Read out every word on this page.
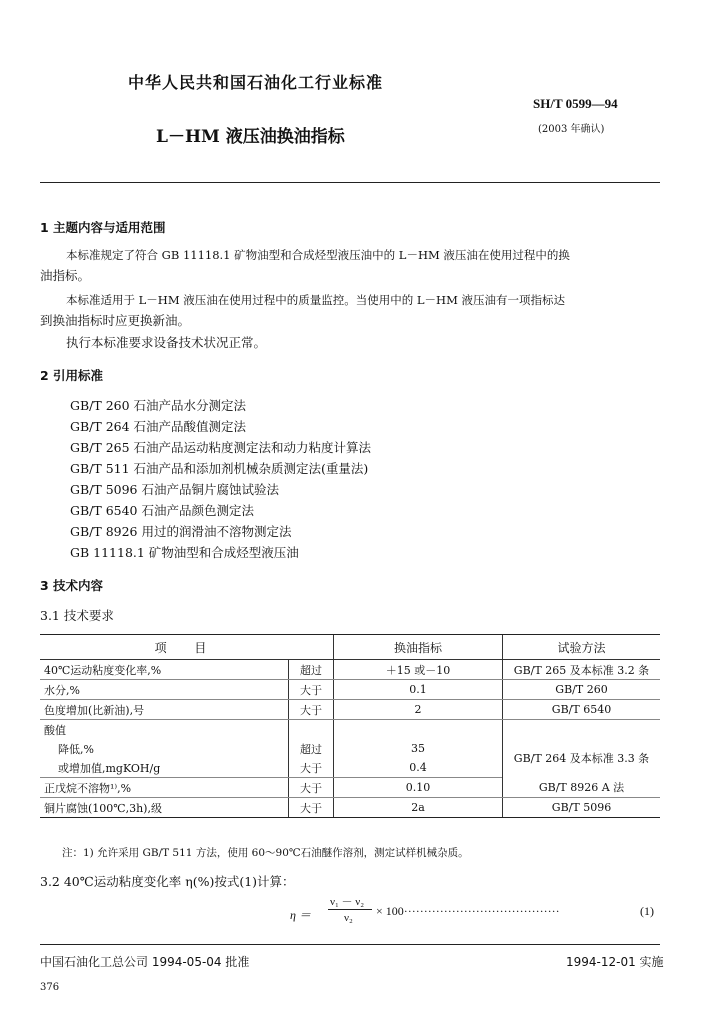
中华人民共和国石油化工行业标准
SH/T 0599—94
(2003 年确认)
L－HM 液压油换油指标
1 主题内容与适用范围
本标准规定了符合 GB 11118.1 矿物油型和合成烃型液压油中的 L－HM 液压油在使用过程中的换
油指标。
本标准适用于 L－HM 液压油在使用过程中的质量监控。当使用中的 L－HM 液压油有一项指标达
到换油指标时应更换新油。
执行本标准要求设备技术状况正常。
2 引用标准
GB/T 260 石油产品水分测定法
GB/T 264 石油产品酸值测定法
GB/T 265 石油产品运动粘度测定法和动力粘度计算法
GB/T 511 石油产品和添加剂机械杂质测定法(重量法)
GB/T 5096 石油产品铜片腐蚀试验法
GB/T 6540 石油产品颜色测定法
GB/T 8926 用过的润滑油不溶物测定法
GB 11118.1 矿物油型和合成烃型液压油
3 技术内容
3.1 技术要求
项 目		换油指标	试验方法
40℃运动粘度变化率,%	超过	＋15 或－10	GB/T 265 及本标准 3.2 条
水分,%	大于	0.1	GB/T 260
色度增加(比新油),号	大于	2	GB/T 6540
酸值			
降低,%	超过	35	GB/T 264 及本标准 3.3 条
或增加值,mgKOH/g	大于	0.4	
正戊烷不溶物¹⁾,%	大于	0.10	GB/T 8926 A 法
铜片腐蚀(100℃,3h),级	大于	2a	GB/T 5096
注：1) 允许采用 GB/T 511 方法，使用 60～90℃石油醚作溶剂，测定试样机械杂质。
3.2 40℃运动粘度变化率 η(%)按式(1)计算：
η ＝
ν₁ － ν₂
ν₂ × 100·······································	(1)
中国石油化工总公司 1994-05-04 批准	1994-12-01 实施
376
